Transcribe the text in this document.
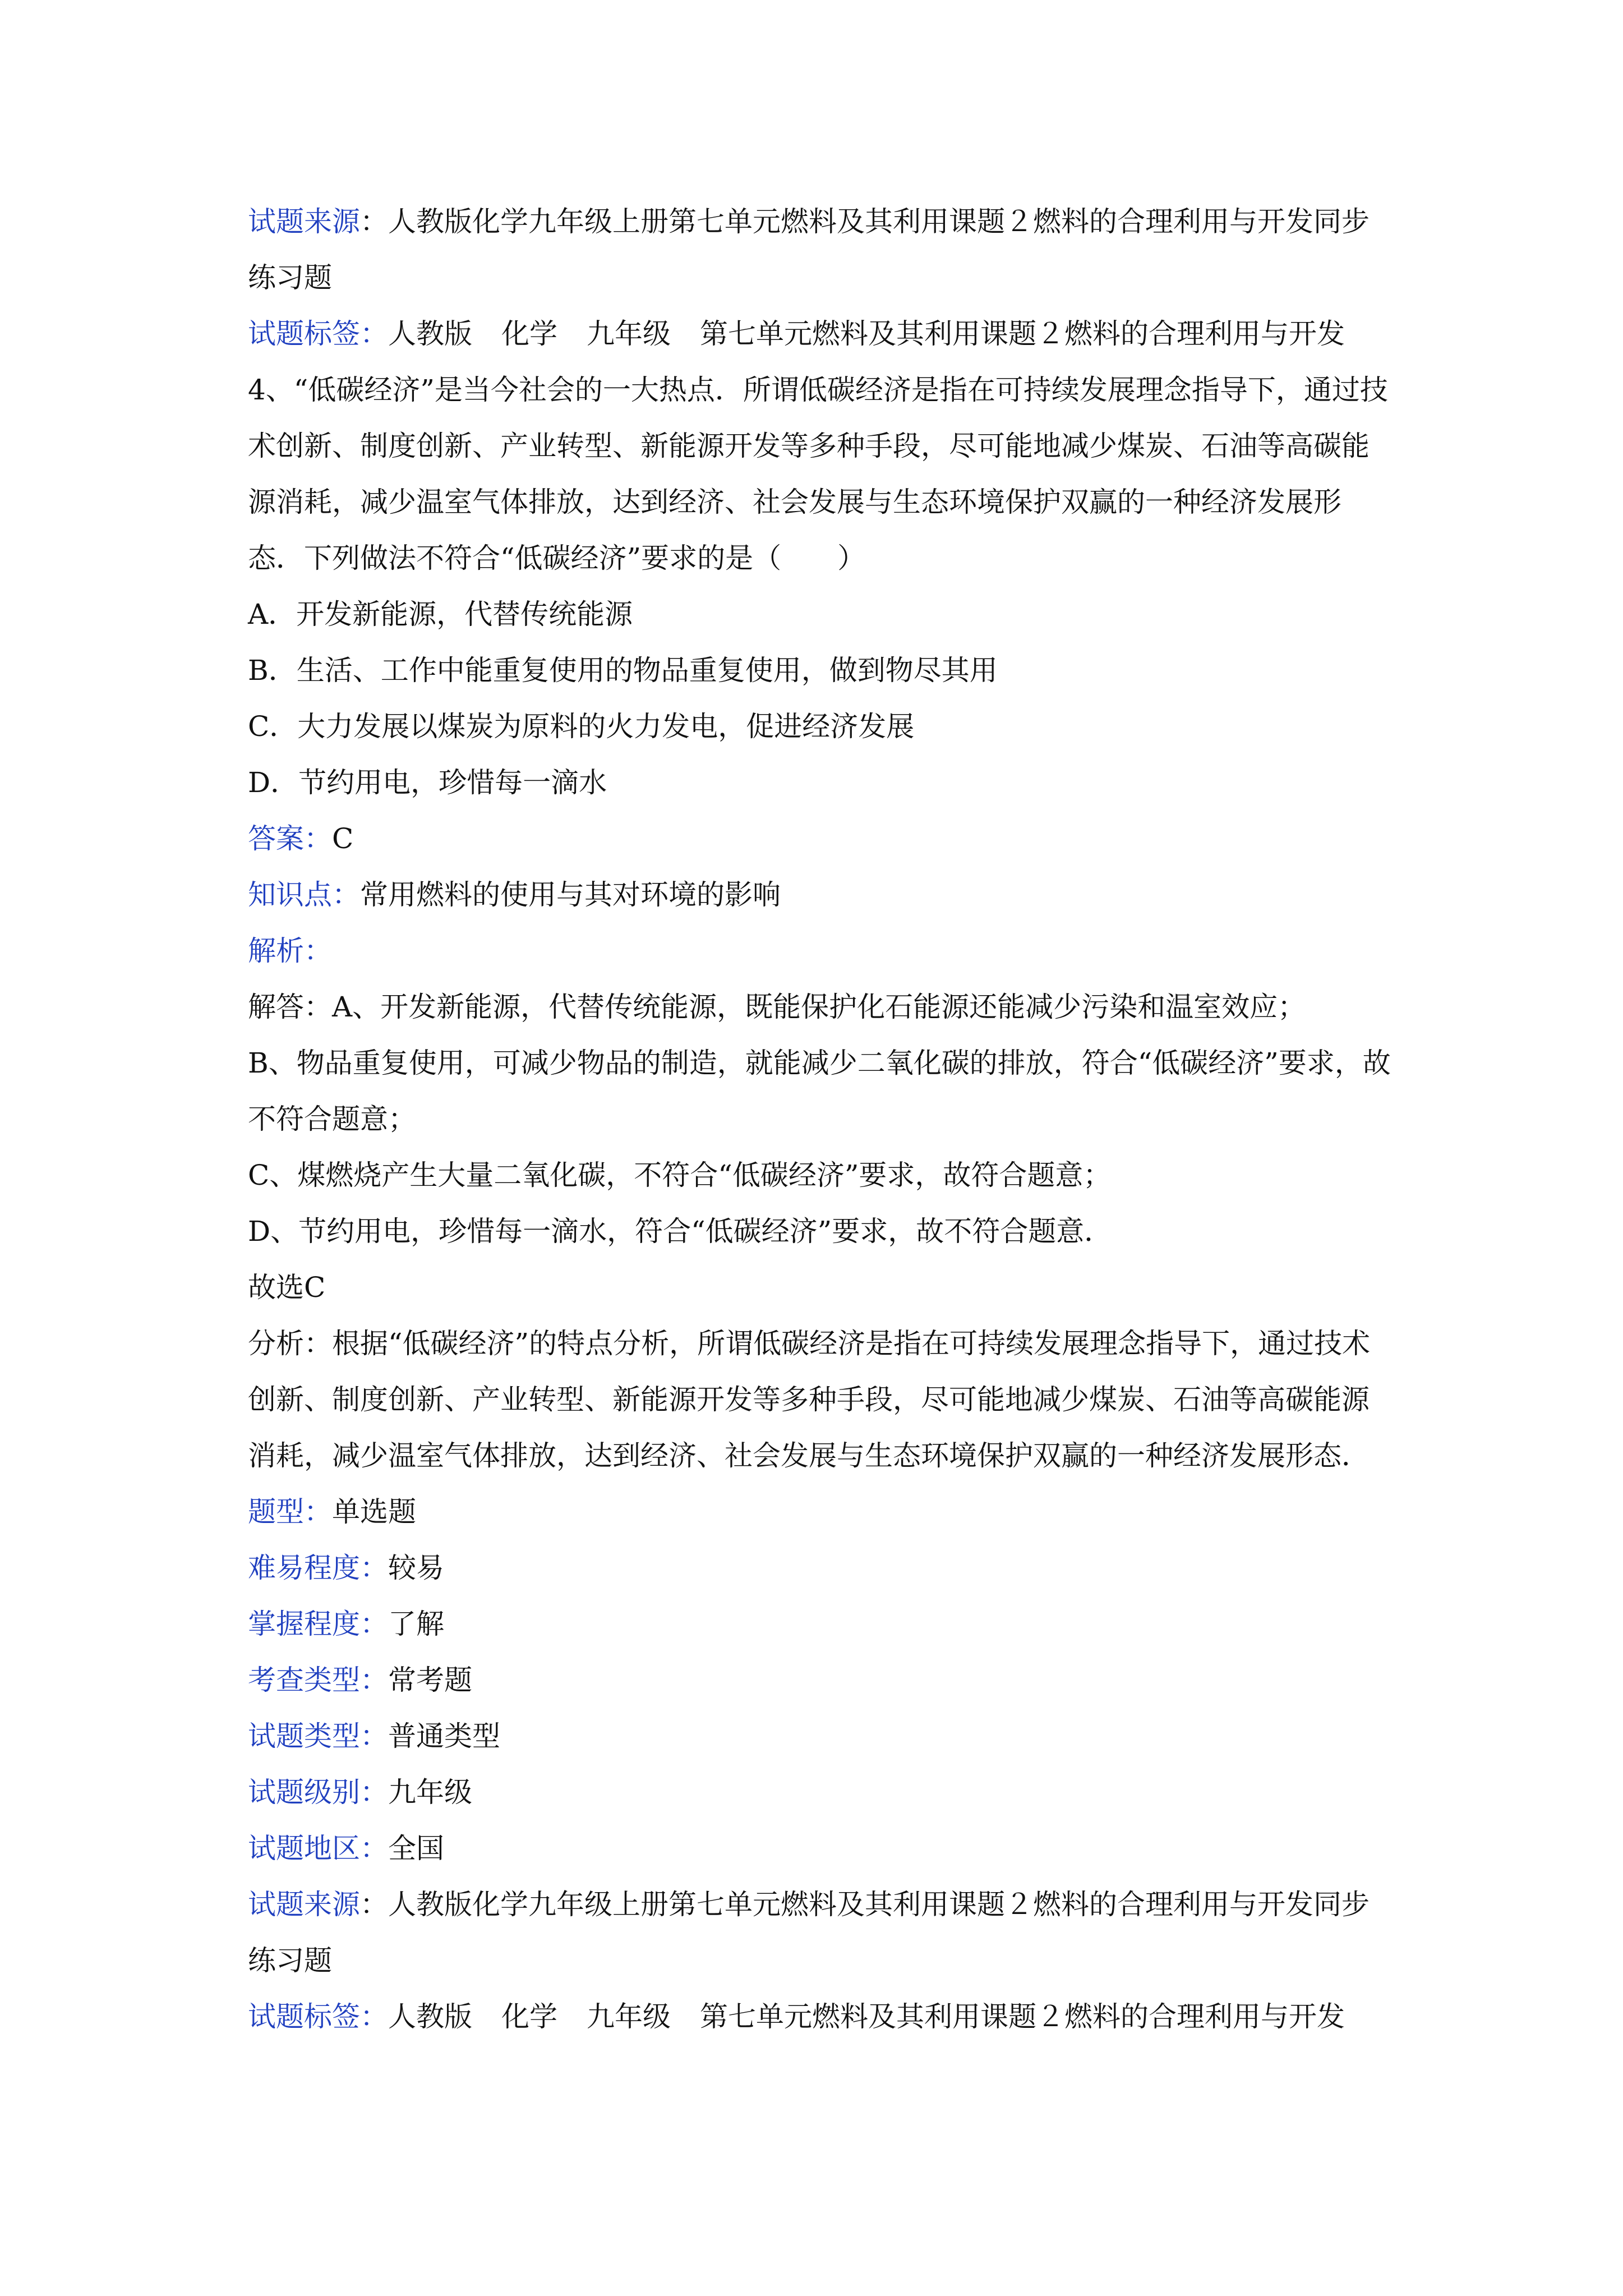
试题来源：人教版化学九年级上册第七单元燃料及其利用课题２燃料的合理利用与开发同步练习题

试题标签：人教版 化学 九年级 第七单元燃料及其利用课题２燃料的合理利用与开发

4、“低碳经济”是当今社会的一大热点．所谓低碳经济是指在可持续发展理念指导下，通过技术创新、制度创新、产业转型、新能源开发等多种手段，尽可能地减少煤炭、石油等高碳能源消耗，减少温室气体排放，达到经济、社会发展与生态环境保护双赢的一种经济发展形态．下列做法不符合“低碳经济”要求的是（　　）

A．开发新能源，代替传统能源

B．生活、工作中能重复使用的物品重复使用，做到物尽其用

C．大力发展以煤炭为原料的火力发电，促进经济发展

D．节约用电，珍惜每一滴水

答案：C

知识点：常用燃料的使用与其对环境的影响

解析：

解答：A、开发新能源，代替传统能源，既能保护化石能源还能减少污染和温室效应；

B、物品重复使用，可减少物品的制造，就能减少二氧化碳的排放，符合“低碳经济”要求，故不符合题意；

C、煤燃烧产生大量二氧化碳，不符合“低碳经济”要求，故符合题意；

D、节约用电，珍惜每一滴水，符合“低碳经济”要求，故不符合题意．

故选C

分析：根据“低碳经济”的特点分析，所谓低碳经济是指在可持续发展理念指导下，通过技术创新、制度创新、产业转型、新能源开发等多种手段，尽可能地减少煤炭、石油等高碳能源消耗，减少温室气体排放，达到经济、社会发展与生态环境保护双赢的一种经济发展形态．

题型：单选题

难易程度：较易

掌握程度：了解

考查类型：常考题

试题类型：普通类型

试题级别：九年级

试题地区：全国

试题来源：人教版化学九年级上册第七单元燃料及其利用课题２燃料的合理利用与开发同步练习题

试题标签：人教版 化学 九年级 第七单元燃料及其利用课题２燃料的合理利用与开发
